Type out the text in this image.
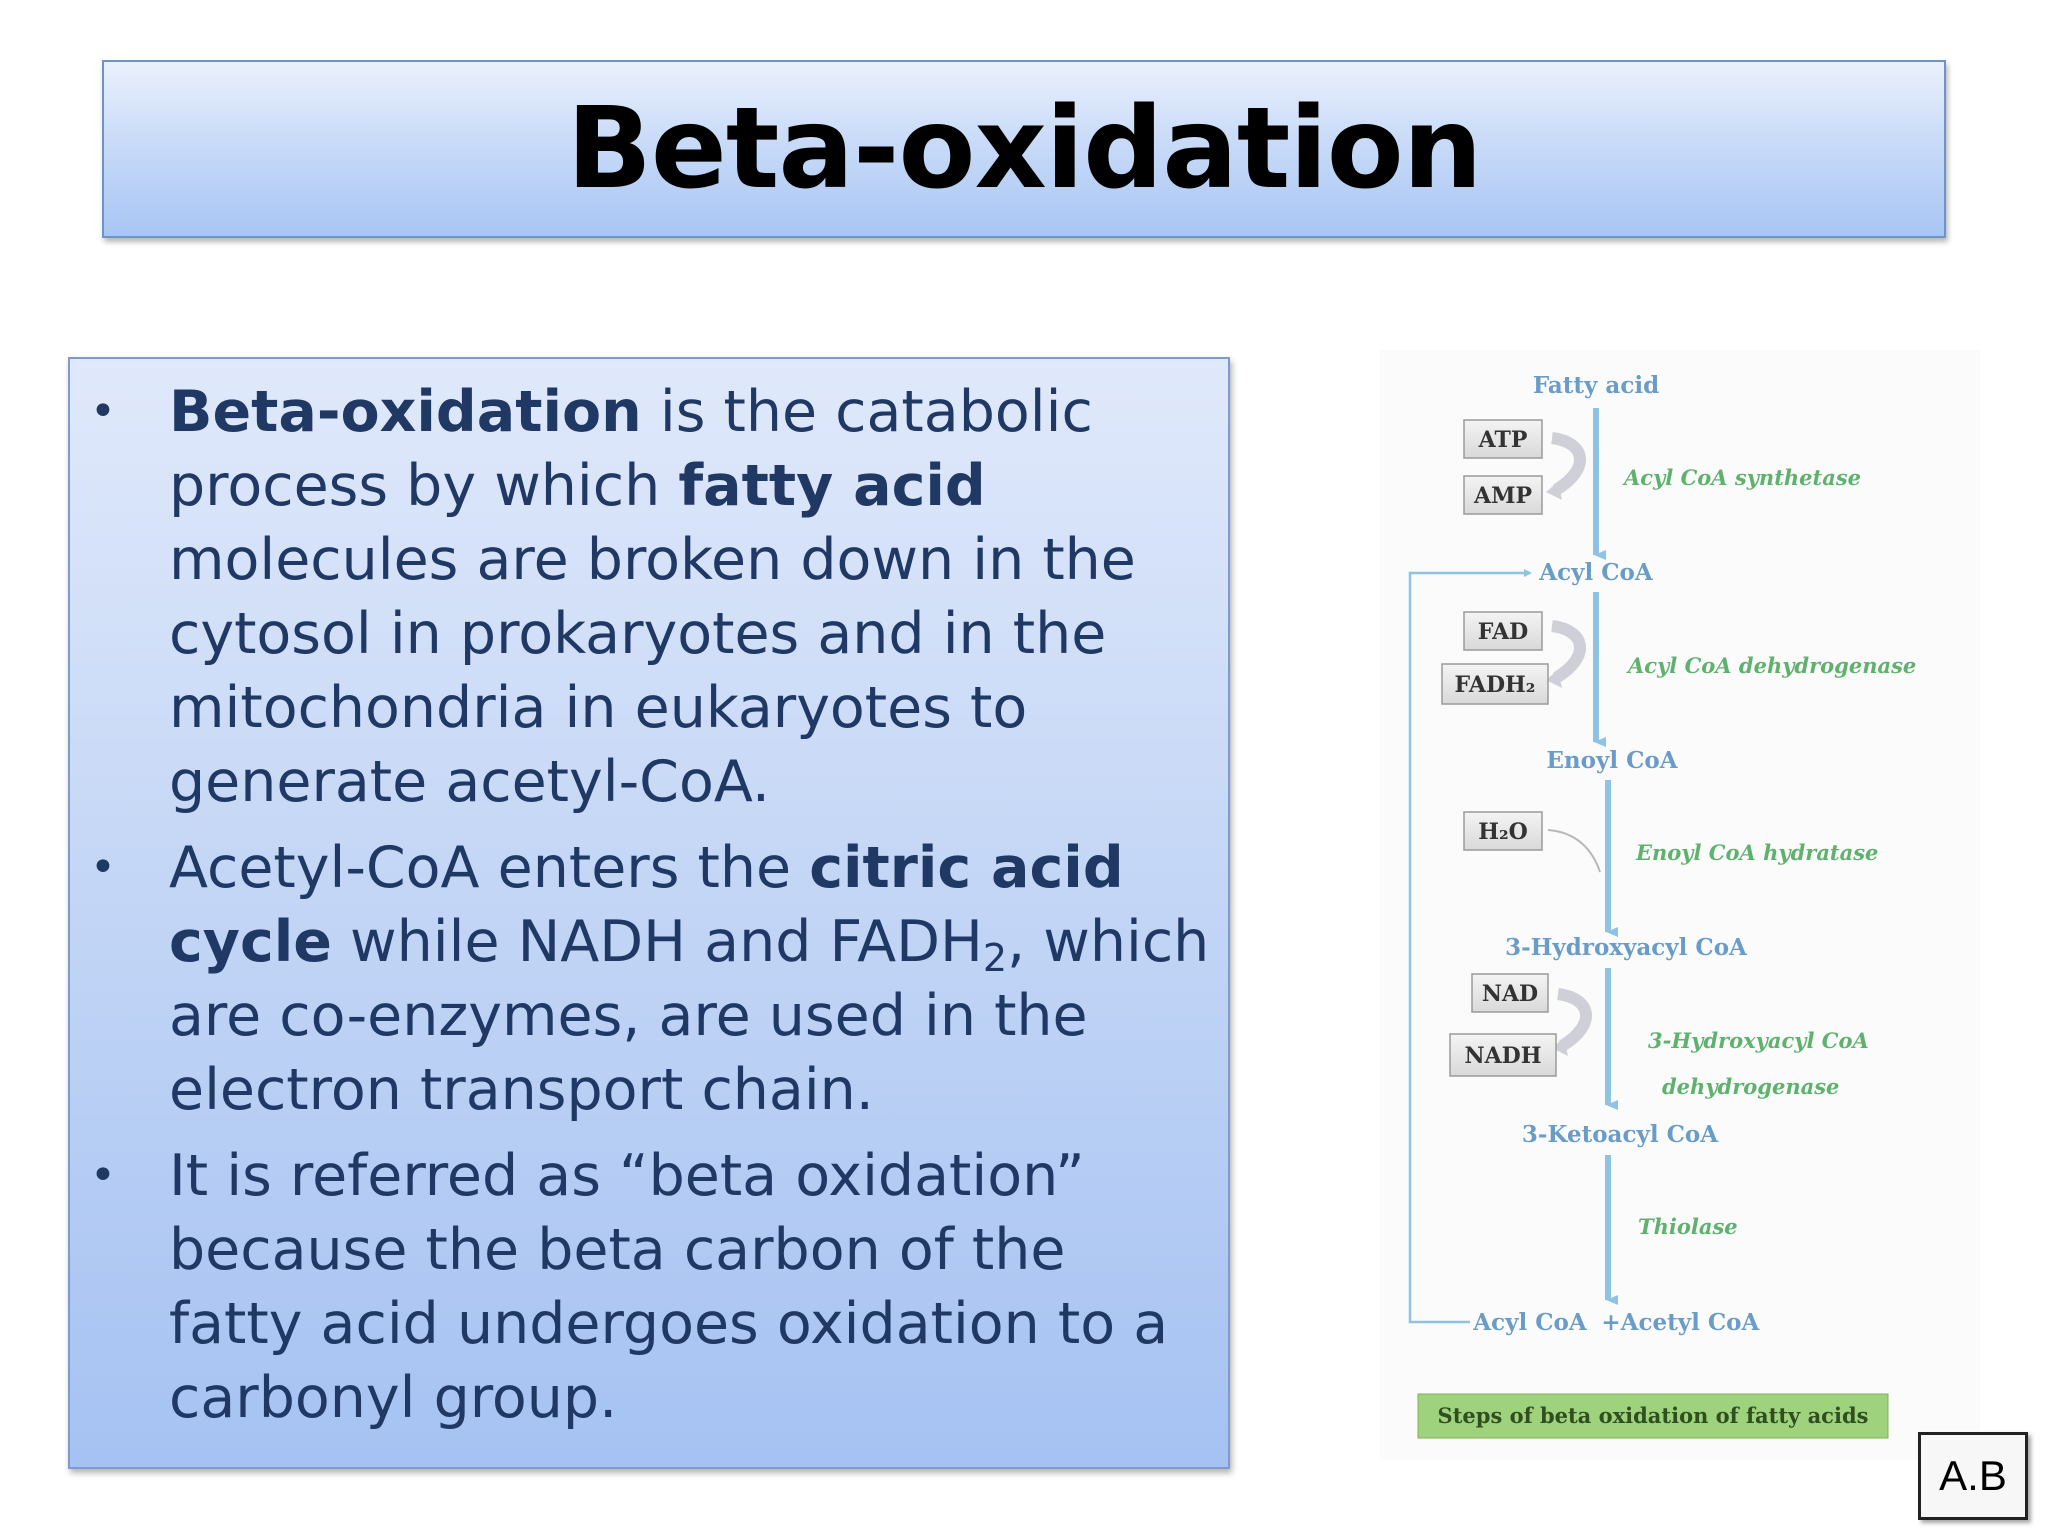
Beta-oxidation
• Beta-oxidation is the catabolic process by which fatty acid molecules are broken down in the cytosol in prokaryotes and in the mitochondria in eukaryotes to generate acetyl-CoA.
• Acetyl-CoA enters the citric acid cycle while NADH and $FADH_2$, which are co-enzymes, are used in the electron transport chain.
• It is referred as “beta oxidation” because the beta carbon of the fatty acid undergoes oxidation to a carbonyl group.
ATP
AMP
FAD
FADH₂
H₂O
NAD
NADH
Fatty acid
Acyl CoA
Enoyl CoA
3-Hydroxyacyl CoA
3-Ketoacyl CoA
Acyl CoA + Acetyl CoA
Acyl CoA synthetase
Acyl CoA dehydrogenase
Enoyl CoA hydratase
3-Hydroxyacyl CoA
dehydrogenase
Thiolase
Steps of beta oxidation of fatty acids
A.B
